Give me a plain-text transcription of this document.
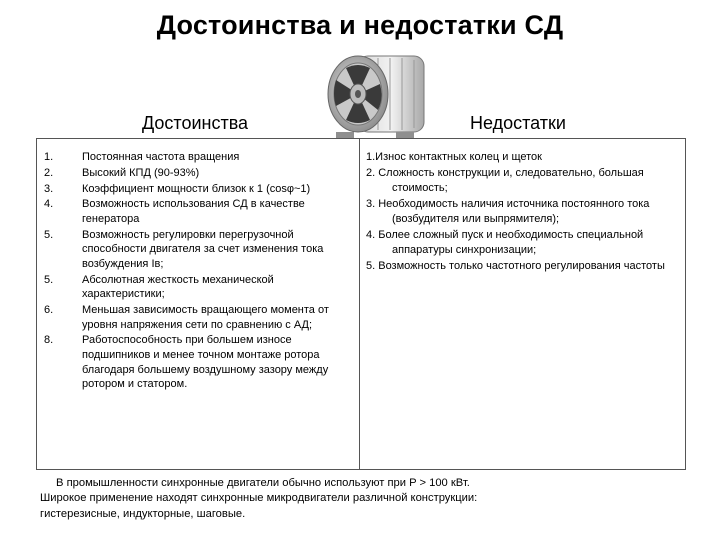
Достоинства и недостатки СД
Достоинства	Недостатки
1.	Постоянная частота вращения
2.	Высокий КПД (90-93%)
3.	Коэффициент мощности близок к 1 (cosφ~1)
4.	Возможность использования СД в качестве генератора
5.	Возможность регулировки перегрузочной способности двигателя за счет изменения тока возбуждения Iв;
5.	Абсолютная жесткость механической характеристики;
6.	Меньшая зависимость вращающего момента от уровня напряжения сети по сравнению с АД;
8.	Работоспособность при большем износе подшипников и менее точном монтаже ротора благодаря большему воздушному зазору между ротором и статором.
1.Износ контактных колец и щеток
2. Сложность конструкции и, следовательно, большая стоимость;
3. Необходимость наличия источника постоянного тока (возбудителя или выпрямителя);
4. Более сложный пуск и необходимость специальной аппаратуры синхронизации;
5. Возможность только частотного регулирования частоты
В промышленности синхронные двигатели обычно используют при P > 100 кВт.
Широкое применение находят синхронные микродвигатели различной конструкции:
гистерезисные, индукторные, шаговые.
